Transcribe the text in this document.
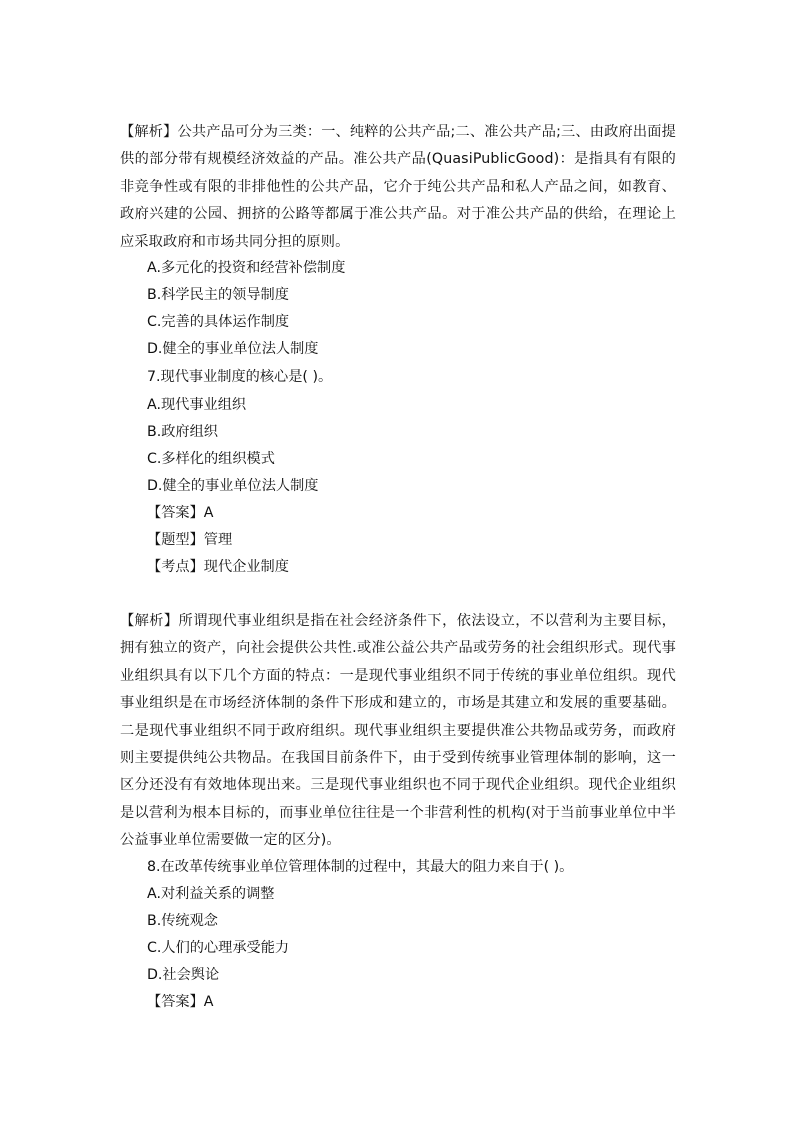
【解析】公共产品可分为三类：一、纯粹的公共产品;二、准公共产品;三、由政府出面提供的部分带有规模经济效益的产品。准公共产品(QuasiPublicGood)：是指具有有限的非竞争性或有限的非排他性的公共产品，它介于纯公共产品和私人产品之间，如教育、政府兴建的公园、拥挤的公路等都属于准公共产品。对于准公共产品的供给，在理论上应采取政府和市场共同分担的原则。
A.多元化的投资和经营补偿制度
B.科学民主的领导制度
C.完善的具体运作制度
D.健全的事业单位法人制度
7.现代事业制度的核心是( )。
A.现代事业组织
B.政府组织
C.多样化的组织模式
D.健全的事业单位法人制度
【答案】A
【题型】管理
【考点】现代企业制度
【解析】所谓现代事业组织是指在社会经济条件下，依法设立，不以营利为主要目标，拥有独立的资产，向社会提供公共性.或准公益公共产品或劳务的社会组织形式。现代事业组织具有以下几个方面的特点：一是现代事业组织不同于传统的事业单位组织。现代事业组织是在市场经济体制的条件下形成和建立的，市场是其建立和发展的重要基础。二是现代事业组织不同于政府组织。现代事业组织主要提供准公共物品或劳务，而政府则主要提供纯公共物品。在我国目前条件下，由于受到传统事业管理体制的影响，这一区分还没有有效地体现出来。三是现代事业组织也不同于现代企业组织。现代企业组织是以营利为根本目标的，而事业单位往往是一个非营利性的机构(对于当前事业单位中半公益事业单位需要做一定的区分)。
8.在改革传统事业单位管理体制的过程中，其最大的阻力来自于( )。
A.对利益关系的调整
B.传统观念
C.人们的心理承受能力
D.社会舆论
【答案】A
